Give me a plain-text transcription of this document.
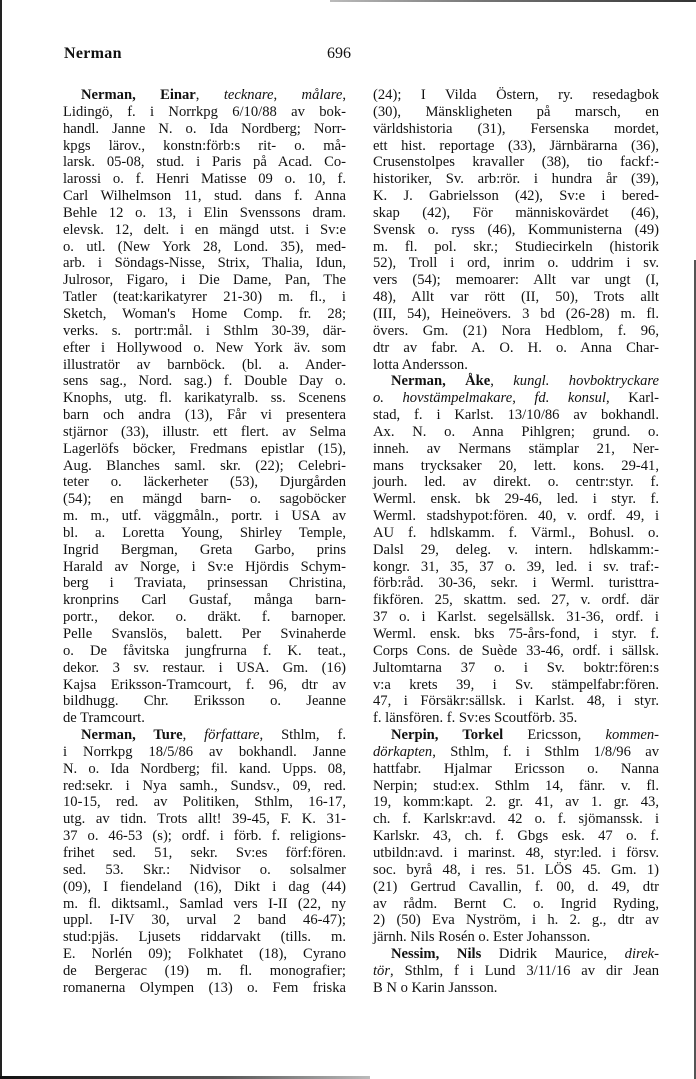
Nerman	696
Nerman, Einar, tecknare, målare,
Lidingö, f. i Norrkpg 6/10/88 av bok-
handl. Janne N. o. Ida Nordberg; Norr-
kpgs lärov., konstn:förb:s rit- o. må-
larsk. 05-08, stud. i Paris på Acad. Co-
larossi o. f. Henri Matisse 09 o. 10, f.
Carl Wilhelmson 11, stud. dans f. Anna
Behle 12 o. 13, i Elin Svenssons dram.
elevsk. 12, delt. i en mängd utst. i Sv:e
o. utl. (New York 28, Lond. 35), med-
arb. i Söndags-Nisse, Strix, Thalia, Idun,
Julrosor, Figaro, i Die Dame, Pan, The
Tatler (teat:karikatyrer 21-30) m. fl., i
Sketch, Woman's Home Comp. fr. 28;
verks. s. portr:mål. i Sthlm 30-39, där-
efter i Hollywood o. New York äv. som
illustratör av barnböck. (bl. a. Ander-
sens sag., Nord. sag.) f. Double Day o.
Knophs, utg. fl. karikatyralb. ss. Scenens
barn och andra (13), Får vi presentera
stjärnor (33), illustr. ett flert. av Selma
Lagerlöfs böcker, Fredmans epistlar (15),
Aug. Blanches saml. skr. (22); Celebri-
teter o. läckerheter (53), Djurgården
(54); en mängd barn- o. sagoböcker
m. m., utf. väggmåln., portr. i USA av
bl. a. Loretta Young, Shirley Temple,
Ingrid Bergman, Greta Garbo, prins
Harald av Norge, i Sv:e Hjördis Schym-
berg i Traviata, prinsessan Christina,
kronprins Carl Gustaf, många barn-
portr., dekor. o. dräkt. f. barnoper.
Pelle Svanslös, balett. Per Svinaherde
o. De fåvitska jungfrurna f. K. teat.,
dekor. 3 sv. restaur. i USA. Gm. (16)
Kajsa Eriksson-Tramcourt, f. 96, dtr av
bildhugg. Chr. Eriksson o. Jeanne
de Tramcourt.
Nerman, Ture, författare, Sthlm, f.
i Norrkpg 18/5/86 av bokhandl. Janne
N. o. Ida Nordberg; fil. kand. Upps. 08,
red:sekr. i Nya samh., Sundsv., 09, red.
10-15, red. av Politiken, Sthlm, 16-17,
utg. av tidn. Trots allt! 39-45, F. K. 31-
37 o. 46-53 (s); ordf. i förb. f. religions-
frihet sed. 51, sekr. Sv:es förf:fören.
sed. 53. Skr.: Nidvisor o. solsalmer
(09), I fiendeland (16), Dikt i dag (44)
m. fl. diktsaml., Samlad vers I-II (22, ny
uppl. I-IV 30, urval 2 band 46-47);
stud:pjäs. Ljusets riddarvakt (tills. m.
E. Norlén 09); Folkhatet (18), Cyrano
de Bergerac (19) m. fl. monografier;
romanerna Olympen (13) o. Fem friska
(24); I Vilda Östern, ry. resedagbok
(30), Mänskligheten på marsch, en
världshistoria (31), Fersenska mordet,
ett hist. reportage (33), Järnbärarna (36),
Crusenstolpes kravaller (38), tio fackf:-
historiker, Sv. arb:rör. i hundra år (39),
K. J. Gabrielsson (42), Sv:e i bered-
skap (42), För människovärdet (46),
Svensk o. ryss (46), Kommunisterna (49)
m. fl. pol. skr.; Studiecirkeln (historik
52), Troll i ord, inrim o. uddrim i sv.
vers (54); memoarer: Allt var ungt (I,
48), Allt var rött (II, 50), Trots allt
(III, 54), Heineövers. 3 bd (26-28) m. fl.
övers. Gm. (21) Nora Hedblom, f. 96,
dtr av fabr. A. O. H. o. Anna Char-
lotta Andersson.
Nerman, Åke, kungl. hovboktryckare
o. hovstämpelmakare, fd. konsul, Karl-
stad, f. i Karlst. 13/10/86 av bokhandl.
Ax. N. o. Anna Pihlgren; grund. o.
inneh. av Nermans stämplar 21, Ner-
mans trycksaker 20, lett. kons. 29-41,
jourh. led. av direkt. o. centr:styr. f.
Werml. ensk. bk 29-46, led. i styr. f.
Werml. stadshypot:fören. 40, v. ordf. 49, i
AU f. hdlskamm. f. Värml., Bohusl. o.
Dalsl 29, deleg. v. intern. hdlskamm:-
kongr. 31, 35, 37 o. 39, led. i sv. traf:-
förb:råd. 30-36, sekr. i Werml. turisttra-
fikfören. 25, skattm. sed. 27, v. ordf. där
37 o. i Karlst. segelsällsk. 31-36, ordf. i
Werml. ensk. bks 75-års-fond, i styr. f.
Corps Cons. de Suède 33-46, ordf. i sällsk.
Jultomtarna 37 o. i Sv. boktr:fören:s
v:a krets 39, i Sv. stämpelfabr:fören.
47, i Försäkr:sällsk. i Karlst. 48, i styr.
f. länsfören. f. Sv:es Scoutförb. 35.
Nerpin, Torkel Ericsson, kommen-
dörkapten, Sthlm, f. i Sthlm 1/8/96 av
hattfabr. Hjalmar Ericsson o. Nanna
Nerpin; stud:ex. Sthlm 14, fänr. v. fl.
19, komm:kapt. 2. gr. 41, av 1. gr. 43,
ch. f. Karlskr:avd. 42 o. f. sjömanssk. i
Karlskr. 43, ch. f. Gbgs esk. 47 o. f.
utbildn:avd. i marinst. 48, styr:led. i försv.
soc. byrå 48, i res. 51. LÖS 45. Gm. 1)
(21) Gertrud Cavallin, f. 00, d. 49, dtr
av rådm. Bernt C. o. Ingrid Ryding,
2) (50) Eva Nyström, i h. 2. g., dtr av
järnh. Nils Rosén o. Ester Johansson.
Nessim, Nils Didrik Maurice, direk-
tör, Sthlm, f i Lund 3/11/16 av dir Jean
B N o Karin Jansson.
